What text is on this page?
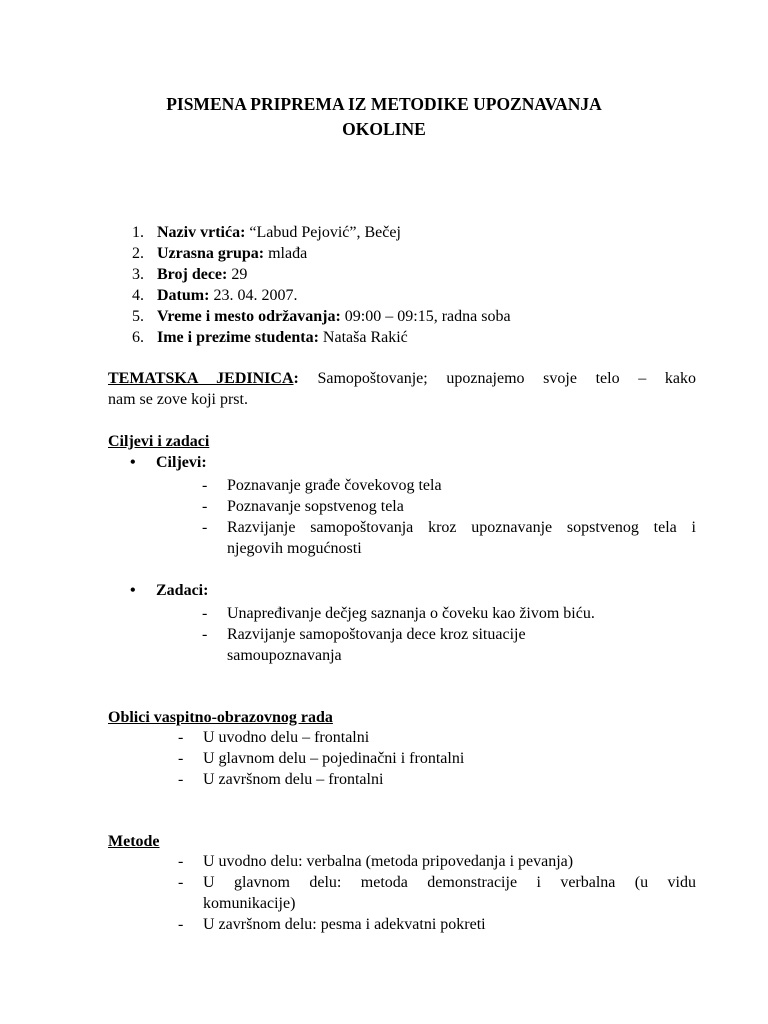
PISMENA PRIPREMA IZ METODIKE UPOZNAVANJA
OKOLINE
1. Naziv vrtića: “Labud Pejović”, Bečej
2. Uzrasna grupa: mlađa
3. Broj dece: 29
4. Datum: 23. 04. 2007.
5. Vreme i mesto održavanja: 09:00 – 09:15, radna soba
6. Ime i prezime studenta: Nataša Rakić
TEMATSKA JEDINICA: Samopoštovanje; upoznajemo svoje telo – kako
nam se zove koji prst.
Ciljevi i zadaci
• Ciljevi:
-	Poznavanje građe čovekovog tela
-	Poznavanje sopstvenog tela
-	Razvijanje samopoštovanja kroz upoznavanje sopstvenog tela i
njegovih mogućnosti
• Zadaci:
-	Unapređivanje dečjeg saznanja o čoveku kao živom biću.
-	Razvijanje samopoštovanja dece kroz situacije
samoupoznavanja
Oblici vaspitno-obrazovnog rada
-	U uvodno delu – frontalni
-	U glavnom delu – pojedinačni i frontalni
-	U završnom delu – frontalni
Metode
-	U uvodno delu: verbalna (metoda pripovedanja i pevanja)
-	U glavnom delu: metoda demonstracije i verbalna (u vidu
komunikacije)
-	U završnom delu: pesma i adekvatni pokreti
